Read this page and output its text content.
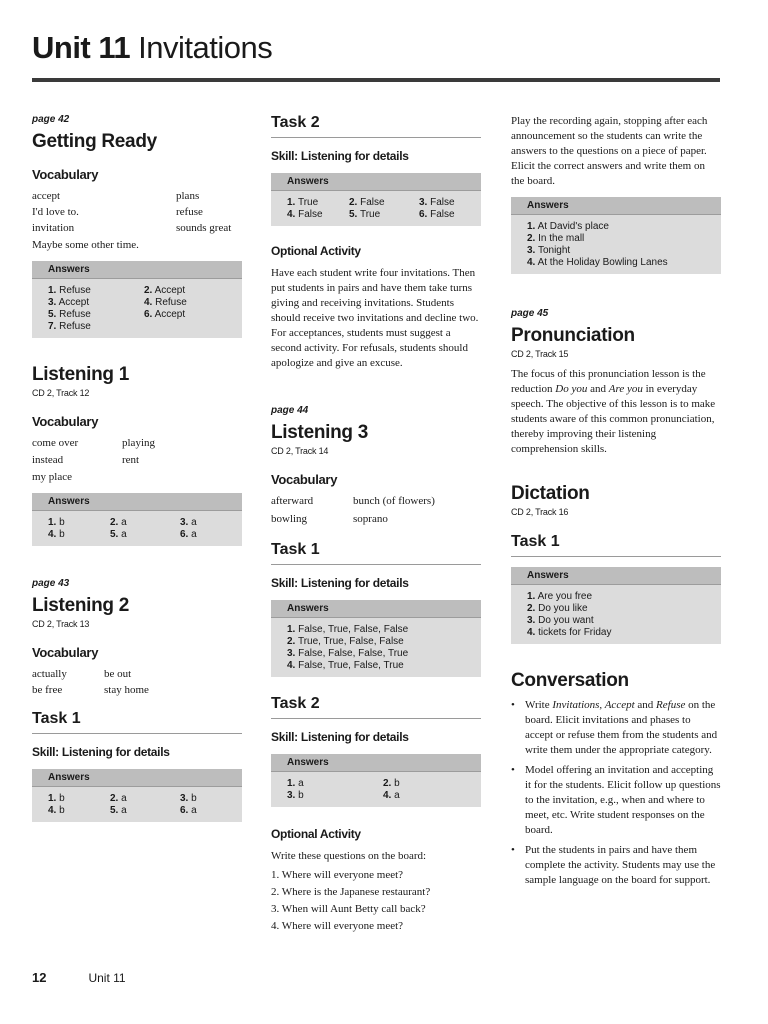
Unit 11 Invitations

page 42

Getting Ready
Vocabulary
accept	plans
I'd love to.	refuse
invitation	sounds great
Maybe some other time.
Answers
1. Refuse	2. Accept
3. Accept	4. Refuse
5. Refuse	6. Accept
7. Refuse
Listening 1

CD 2, Track 12

Vocabulary
come over	playing
instead	rent
my place
Answers
1. b	2. a	3. a
4. b	5. a	6. a

page 43

Listening 2

CD 2, Track 13

Vocabulary
actually	be out
be free	stay home
Task 1
Skill: Listening for details
Answers
1. b	2. a	3. b
4. b	5. a	6. a
Task 2
Skill: Listening for details
Answers
1. True	2. False	3. False
4. False	5. True	6. False
Optional Activity

Have each student write four invitations. Then put students in pairs and have them take turns giving and receiving invitations. Students should receive two invitations and decline two. For acceptances, students must suggest a second activity. For refusals, students should apologize and give an excuse.

page 44

Listening 3

CD 2, Track 14

Vocabulary
afterward	bunch (of flowers)
bowling	soprano
Task 1
Skill: Listening for details
Answers
1. False, True, False, False
2. True, True, False, False
3. False, False, False, True
4. False, True, False, True
Task 2
Skill: Listening for details
Answers
1. a	2. b
3. b	4. a
Optional Activity

Write these questions on the board:

1. Where will everyone meet?
2. Where is the Japanese restaurant?
3. When will Aunt Betty call back?
4. Where will everyone meet?

Play the recording again, stopping after each announcement so the students can write the answers to the questions on a piece of paper. Elicit the correct answers and write them on the board.

Answers
1. At David's place
2. In the mall
3. Tonight
4. At the Holiday Bowling Lanes

page 45

Pronunciation

CD 2, Track 15

The focus of this pronunciation lesson is the reduction Do you and Are you in everyday speech. The objective of this lesson is to make students aware of this common pronunciation, thereby improving their listening comprehension skills.

Dictation

CD 2, Track 16

Task 1
Answers
1. Are you free
2. Do you like
3. Do you want
4. tickets for Friday
Conversation
• Write Invitations, Accept and Refuse on the board. Elicit invitations and phases to accept or refuse them from the students and write them under the appropriate category.
• Model offering an invitation and accepting it for the students. Elicit follow up questions to the invitation, e.g., when and where to meet, etc. Write student responses on the board.
• Put the students in pairs and have them complete the activity. Students may use the sample language on the board for support.
12	Unit 11
